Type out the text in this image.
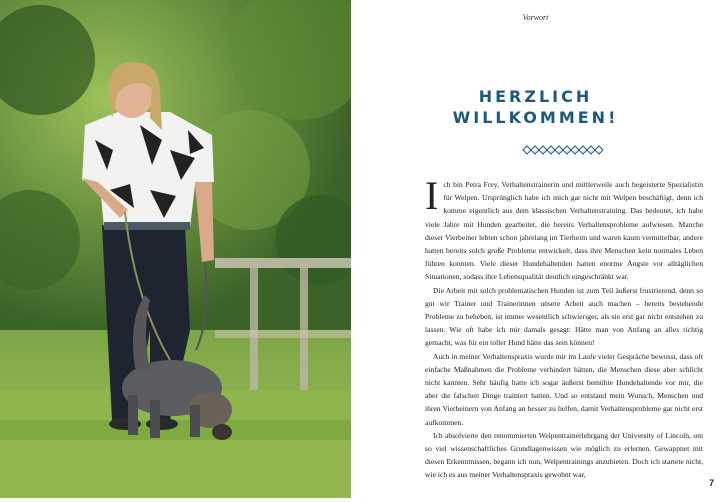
Vorwort
HERZLICH
WILLKOMMEN!

Ich bin Petra Frey, Verhaltenstrainerin und mittlerweile auch begeisterte Spezialistin für Welpen. Ursprünglich habe ich mich gar nicht mit Welpen beschäftigt, denn ich komme eigentlich aus dem klassischen Verhaltenstraining. Das bedeutet, ich habe viele Jahre mit Hunden gearbeitet, die bereits Verhaltensprobleme aufwiesen. Manche dieser Vierbeiner lebten schon jahrelang im Tierheim und waren kaum vermittelbar, andere hatten bereits solch große Probleme entwickelt, dass ihre Menschen kein normales Leben führen konnten. Viele dieser Hundehaltenden hatten enorme Ängste vor alltäglichen Situationen, sodass ihre Lebensqualität deutlich eingeschränkt war.

Die Arbeit mit solch problematischen Hunden ist zum Teil äußerst frustrierend, denn so gut wir Trainer und Trainerinnen unsere Arbeit auch machen – bereits bestehende Probleme zu beheben, ist immer wesentlich schwieriger, als sie erst gar nicht entstehen zu lassen. Wie oft habe ich mir damals gesagt: Hätte man von Anfang an alles richtig gemacht, was für ein toller Hund hätte das sein können!

Auch in meiner Verhaltenspraxis wurde mir im Laufe vieler Gespräche bewusst, dass oft einfache Maßnahmen die Probleme verhindert hätten, die Menschen diese aber schlicht nicht kannten. Sehr häufig hatte ich sogar äußerst bemühte Hundehaltende vor mir, die aber die falschen Dinge trainiert hatten. Und so entstand mein Wunsch, Menschen und ihren Vierbeinern von Anfang an besser zu helfen, damit Verhaltensprobleme gar nicht erst aufkommen.

Ich absolvierte den renommierten Welpentrainerlehrgang der University of Lincoln, um so viel wissenschaftliches Grundlagenwissen wie möglich zu erlernen. Gewappnet mit diesen Erkenntnissen, begann ich nun, Welpentrainings anzubieten. Doch ich startete nicht, wie ich es aus meiner Verhaltenspraxis gewohnt war,

7
